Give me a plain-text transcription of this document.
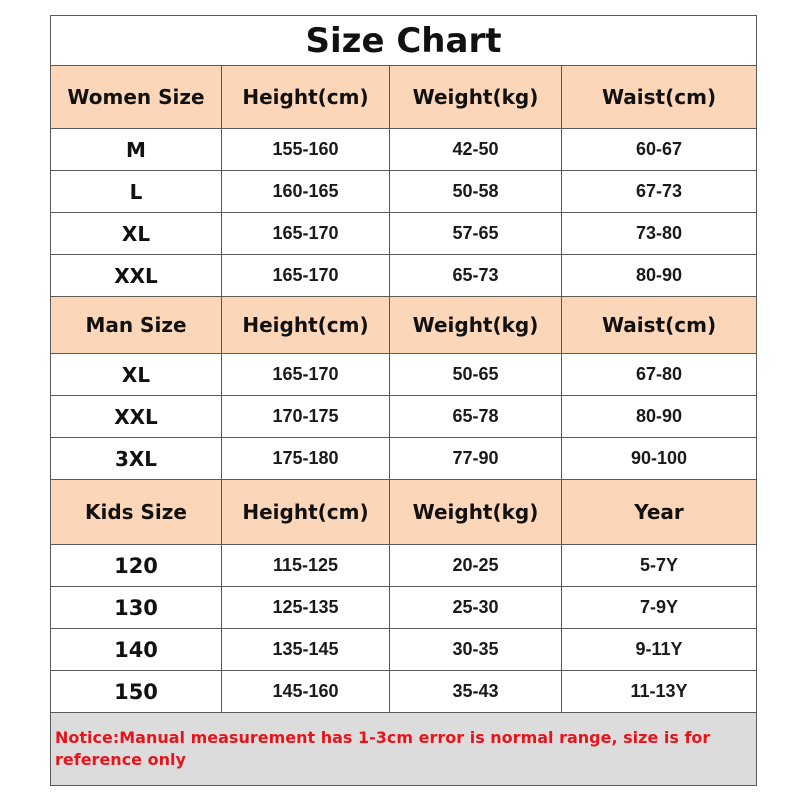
Size Chart			
Women Size	Height(cm)	Weight(kg)	Waist(cm)
M	155-160	42-50	60-67
L	160-165	50-58	67-73
XL	165-170	57-65	73-80
XXL	165-170	65-73	80-90
Man Size	Height(cm)	Weight(kg)	Waist(cm)
XL	165-170	50-65	67-80
XXL	170-175	65-78	80-90
3XL	175-180	77-90	90-100
Kids Size	Height(cm)	Weight(kg)	Year
120	115-125	20-25	5-7Y
130	125-135	25-30	7-9Y
140	135-145	30-35	9-11Y
150	145-160	35-43	11-13Y
Notice:Manual measurement has 1-3cm error is normal range, size is for reference only			
